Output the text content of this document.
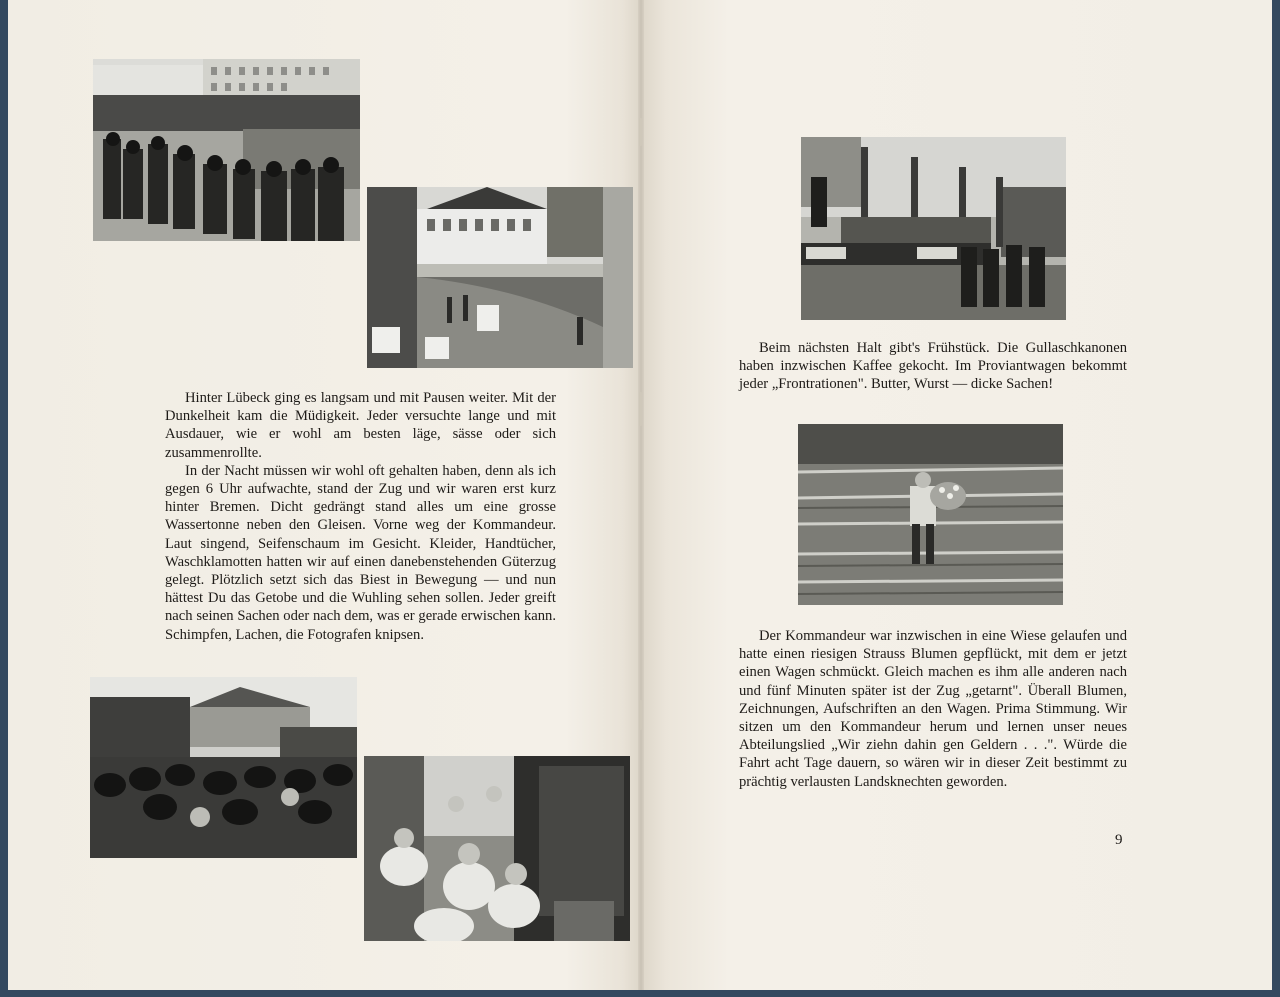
Hinter Lübeck ging es langsam und mit Pausen weiter. Mit der Dunkelheit kam die Müdigkeit. Jeder versuchte lange und mit Ausdauer, wie er wohl am besten läge, sässe oder sich zusammenrollte.

In der Nacht müssen wir wohl oft gehalten haben, denn als ich gegen 6 Uhr aufwachte, stand der Zug und wir waren erst kurz hinter Bremen. Dicht gedrängt stand alles um eine grosse Wassertonne neben den Gleisen. Vorne weg der Kommandeur. Laut singend, Seifenschaum im Gesicht. Kleider, Handtücher, Waschklamotten hatten wir auf einen danebenstehenden Güterzug gelegt. Plötzlich setzt sich das Biest in Bewegung — und nun hättest Du das Getobe und die Wuhling sehen sollen. Jeder greift nach seinen Sachen oder nach dem, was er gerade erwischen kann. Schimpfen, Lachen, die Fotografen knipsen.

Beim nächsten Halt gibt's Frühstück. Die Gullaschkanonen haben inzwischen Kaffee gekocht. Im Proviantwagen bekommt jeder „Frontrationen". Butter, Wurst — dicke Sachen!

Der Kommandeur war inzwischen in eine Wiese gelaufen und hatte einen riesigen Strauss Blumen gepflückt, mit dem er jetzt einen Wagen schmückt. Gleich machen es ihm alle anderen nach und fünf Minuten später ist der Zug „getarnt". Überall Blumen, Zeichnungen, Aufschriften an den Wagen. Prima Stimmung. Wir sitzen um den Kommandeur herum und lernen unser neues Abteilungslied „Wir ziehn dahin gen Geldern . . .". Würde die Fahrt acht Tage dauern, so wären wir in dieser Zeit bestimmt zu prächtig verlausten Landsknechten geworden.

9
